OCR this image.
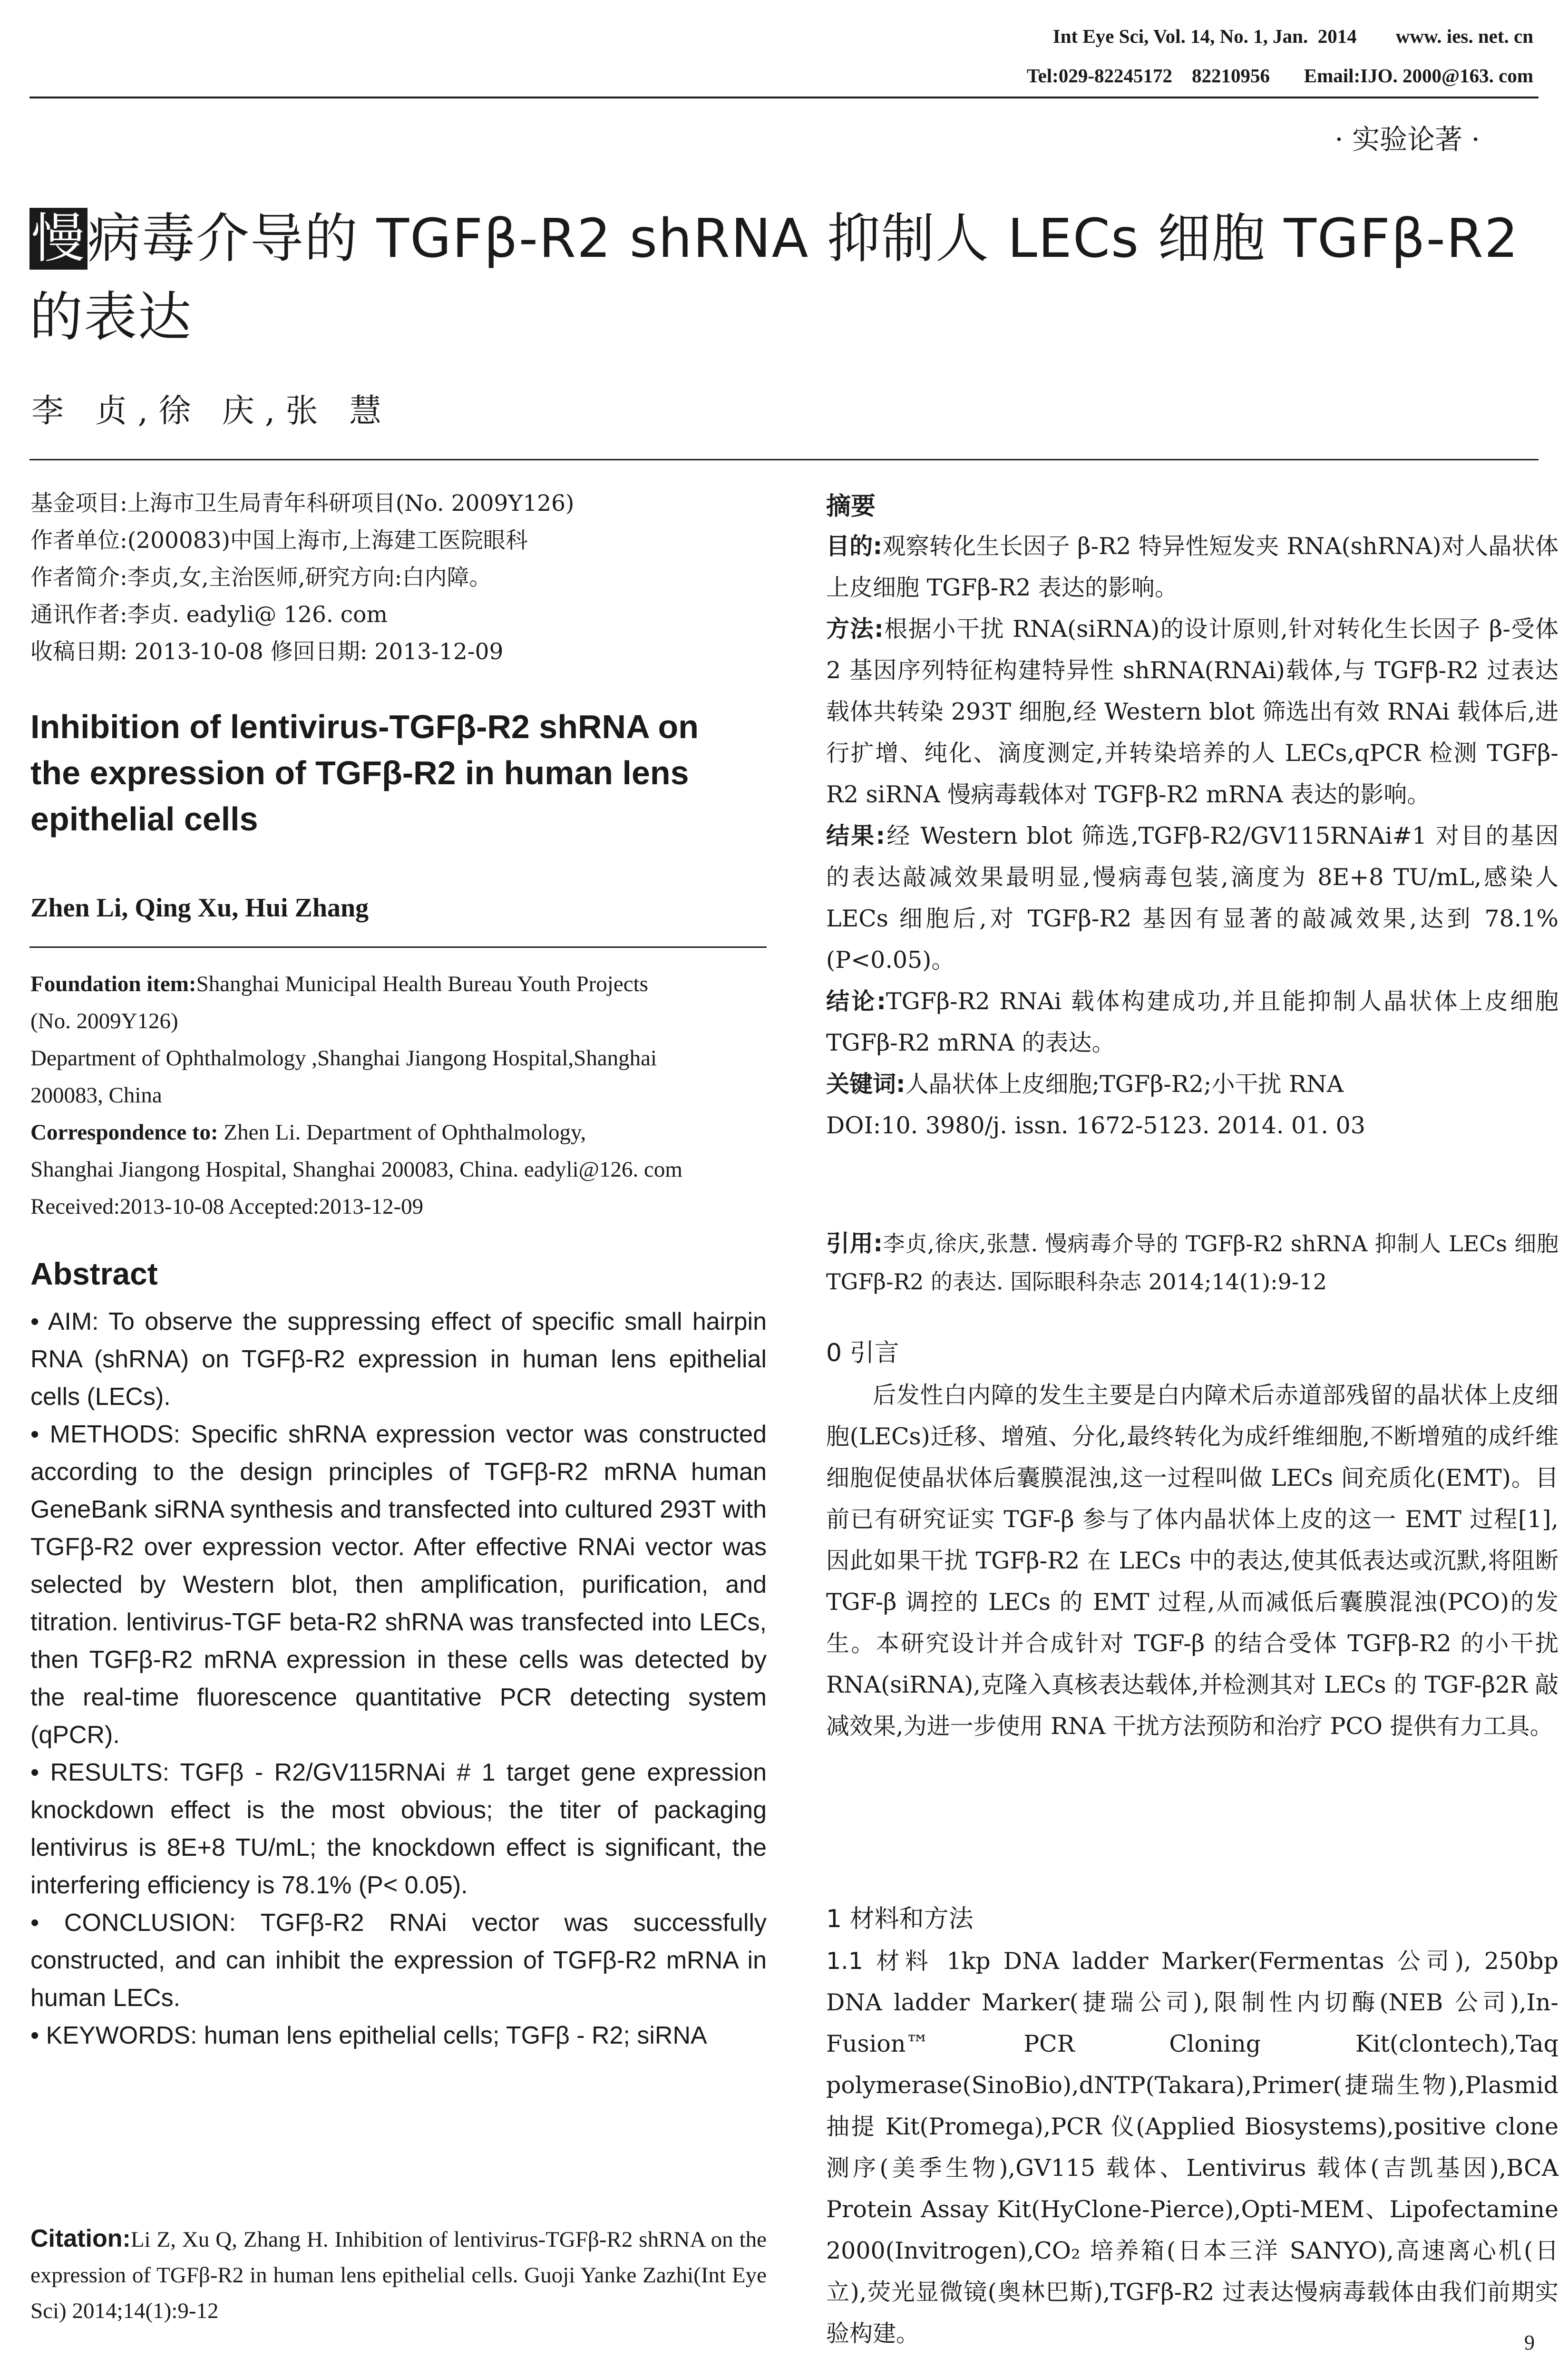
Int Eye Sci, Vol. 14, No. 1, Jan.  2014        www. ies. net. cn
Tel:029-82245172    82210956       Email:IJO. 2000@163. com
· 实验论著 ·
慢病毒介导的 TGFβ-R2 shRNA 抑制人 LECs 细胞 TGFβ-R2
的表达
李 贞,徐 庆,张 慧
基金项目:上海市卫生局青年科研项目(No. 2009Y126)
作者单位:(200083)中国上海市,上海建工医院眼科
作者简介:李贞,女,主治医师,研究方向:白内障。
通讯作者:李贞. eadyli@ 126. com
收稿日期: 2013-10-08 修回日期: 2013-12-09

Inhibition of lentivirus-TGFβ-R2 shRNA on

the expression of TGFβ-R2 in human lens

epithelial cells

Zhen Li, Qing Xu, Hui Zhang
Foundation item:Shanghai Municipal Health Bureau Youth Projects
(No. 2009Y126)
Department of Ophthalmology ,Shanghai Jiangong Hospital,Shanghai
200083, China
Correspondence to: Zhen Li. Department of Ophthalmology,
Shanghai Jiangong Hospital, Shanghai 200083, China. eadyli@126. com
Received:2013-10-08 Accepted:2013-12-09
Abstract

• AIM: To observe the suppressing effect of specific small hairpin RNA (shRNA) on TGFβ-R2 expression in human lens epithelial cells (LECs).

• METHODS: Specific shRNA expression vector was constructed according to the design principles of TGFβ-R2 mRNA human GeneBank siRNA synthesis and transfected into cultured 293T with TGFβ-R2 over expression vector. After effective RNAi vector was selected by Western blot, then amplification, purification, and titration. lentivirus-TGF beta-R2 shRNA was transfected into LECs, then TGFβ-R2 mRNA expression in these cells was detected by the real-time fluorescence quantitative PCR detecting system (qPCR).

• RESULTS: TGFβ - R2/GV115RNAi # 1 target gene expression knockdown effect is the most obvious; the titer of packaging lentivirus is 8E+8 TU/mL; the knockdown effect is significant, the interfering efficiency is 78.1% (P< 0.05).

• CONCLUSION: TGFβ-R2 RNAi vector was successfully constructed, and can inhibit the expression of TGFβ-R2 mRNA in human LECs.

• KEYWORDS: human lens epithelial cells; TGFβ - R2; siRNA

Citation:Li Z, Xu Q, Zhang H. Inhibition of lentivirus-TGFβ-R2 shRNA on the expression of TGFβ-R2 in human lens epithelial cells. Guoji Yanke Zazhi(Int Eye Sci) 2014;14(1):9-12
摘要

目的:观察转化生长因子 β-R2 特异性短发夹 RNA(shRNA)对人晶状体上皮细胞 TGFβ-R2 表达的影响。

方法:根据小干扰 RNA(siRNA)的设计原则,针对转化生长因子 β-受体 2 基因序列特征构建特异性 shRNA(RNAi)载体,与 TGFβ-R2 过表达载体共转染 293T 细胞,经 Western blot 筛选出有效 RNAi 载体后,进行扩增、纯化、滴度测定,并转染培养的人 LECs,qPCR 检测 TGFβ-R2 siRNA 慢病毒载体对 TGFβ-R2 mRNA 表达的影响。

结果:经 Western blot 筛选,TGFβ-R2/GV115RNAi#1 对目的基因的表达敲减效果最明显,慢病毒包装,滴度为 8E+8 TU/mL,感染人 LECs 细胞后,对 TGFβ-R2 基因有显著的敲减效果,达到 78.1%(P<0.05)。

结论:TGFβ-R2 RNAi 载体构建成功,并且能抑制人晶状体上皮细胞 TGFβ-R2 mRNA 的表达。

关键词:人晶状体上皮细胞;TGFβ-R2;小干扰 RNA

DOI:10. 3980/j. issn. 1672-5123. 2014. 01. 03

引用:李贞,徐庆,张慧. 慢病毒介导的 TGFβ-R2 shRNA 抑制人 LECs 细胞 TGFβ-R2 的表达. 国际眼科杂志 2014;14(1):9-12

0 引言

后发性白内障的发生主要是白内障术后赤道部残留的晶状体上皮细胞(LECs)迁移、增殖、分化,最终转化为成纤维细胞,不断增殖的成纤维细胞促使晶状体后囊膜混浊,这一过程叫做 LECs 间充质化(EMT)。目前已有研究证实 TGF-β 参与了体内晶状体上皮的这一 EMT 过程[1],因此如果干扰 TGFβ-R2 在 LECs 中的表达,使其低表达或沉默,将阻断 TGF-β 调控的 LECs 的 EMT 过程,从而减低后囊膜混浊(PCO)的发生。本研究设计并合成针对 TGF-β 的结合受体 TGFβ-R2 的小干扰 RNA(siRNA),克隆入真核表达载体,并检测其对 LECs 的 TGF-β2R 敲减效果,为进一步使用 RNA 干扰方法预防和治疗 PCO 提供有力工具。

1 材料和方法

1.1 材料 1kp DNA ladder Marker(Fermentas 公司), 250bp DNA ladder Marker(捷瑞公司),限制性内切酶(NEB 公司),In-Fusion™ PCR Cloning Kit(clontech),Taq polymerase(SinoBio),dNTP(Takara),Primer(捷瑞生物),Plasmid 抽提 Kit(Promega),PCR 仪(Applied Biosystems),positive clone 测序(美季生物),GV115 载体、Lentivirus 载体(吉凯基因),BCA Protein Assay Kit(HyClone-Pierce),Opti-MEM、Lipofectamine 2000(Invitrogen),CO₂ 培养箱(日本三洋 SANYO),高速离心机(日立),荧光显微镜(奥林巴斯),TGFβ-R2 过表达慢病毒载体由我们前期实验构建。	9
